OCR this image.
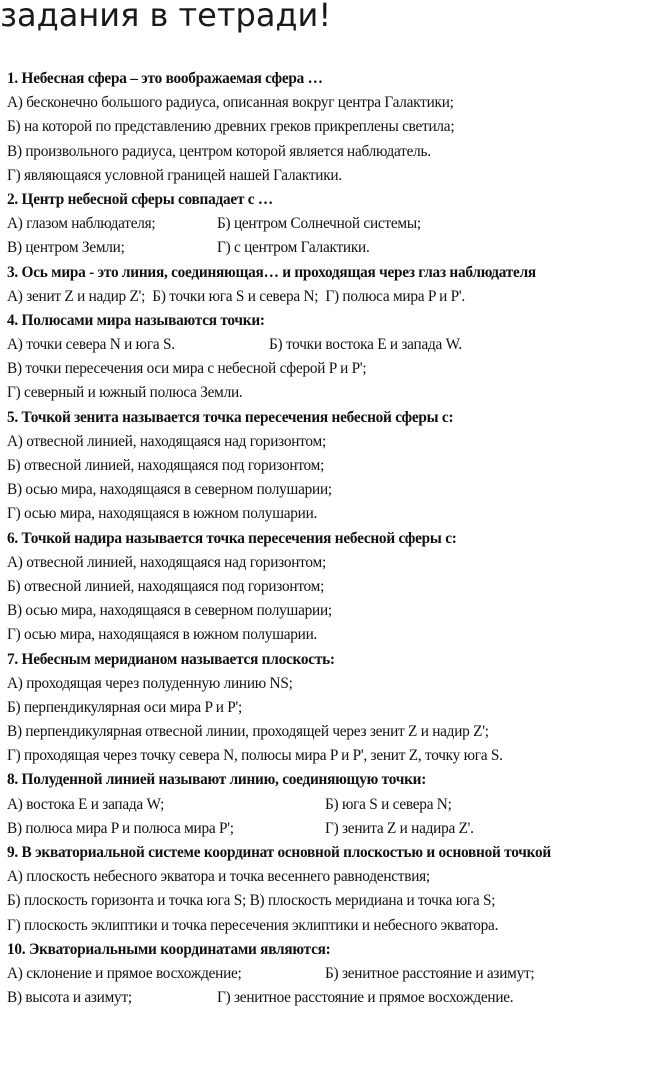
задания в тетради!
1. Небесная сфера – это воображаемая сфера …
А) бесконечно большого радиуса, описанная вокруг центра Галактики;
Б) на которой по представлению древних греков прикреплены светила;
В) произвольного радиуса, центром которой является наблюдатель.
Г) являющаяся условной границей нашей Галактики.
2. Центр небесной сферы совпадает с …
А) глазом наблюдателя;	Б) центром Солнечной системы;
В) центром Земли;	Г) с центром Галактики.
3. Ось мира - это линия, соединяющая… и проходящая через глаз наблюдателя
А) зенит Z и надир Z'; Б) точки юга S и севера N; Г) полюса мира P и P'.
4. Полюсами мира называются точки:
А) точки севера N и юга S.	Б) точки востока E и запада W.
В) точки пересечения оси мира с небесной сферой P и P';
Г) северный и южный полюса Земли.
5. Точкой зенита называется точка пересечения небесной сферы с:
А) отвесной линией, находящаяся над горизонтом;
Б) отвесной линией, находящаяся под горизонтом;
В) осью мира, находящаяся в северном полушарии;
Г) осью мира, находящаяся в южном полушарии.
6. Точкой надира называется точка пересечения небесной сферы с:
А) отвесной линией, находящаяся над горизонтом;
Б) отвесной линией, находящаяся под горизонтом;
В) осью мира, находящаяся в северном полушарии;
Г) осью мира, находящаяся в южном полушарии.
7. Небесным меридианом называется плоскость:
А) проходящая через полуденную линию NS;
Б) перпендикулярная оси мира P и P';
В) перпендикулярная отвесной линии, проходящей через зенит Z и надир Z';
Г) проходящая через точку севера N, полюсы мира P и P', зенит Z, точку юга S.
8. Полуденной линией называют линию, соединяющую точки:
А) востока E и запада W;	Б) юга S и севера N;
В) полюса мира P и полюса мира P';	Г) зенита Z и надира Z'.
9. В экваториальной системе координат основной плоскостью и основной точкой
А) плоскость небесного экватора и точка весеннего равноденствия;
Б) плоскость горизонта и точка юга S; В) плоскость меридиана и точка юга S;
Г) плоскость эклиптики и точка пересечения эклиптики и небесного экватора.
10. Экваториальными координатами являются:
А) склонение и прямое восхождение;	Б) зенитное расстояние и азимут;
В) высота и азимут;	Г) зенитное расстояние и прямое восхождение.
